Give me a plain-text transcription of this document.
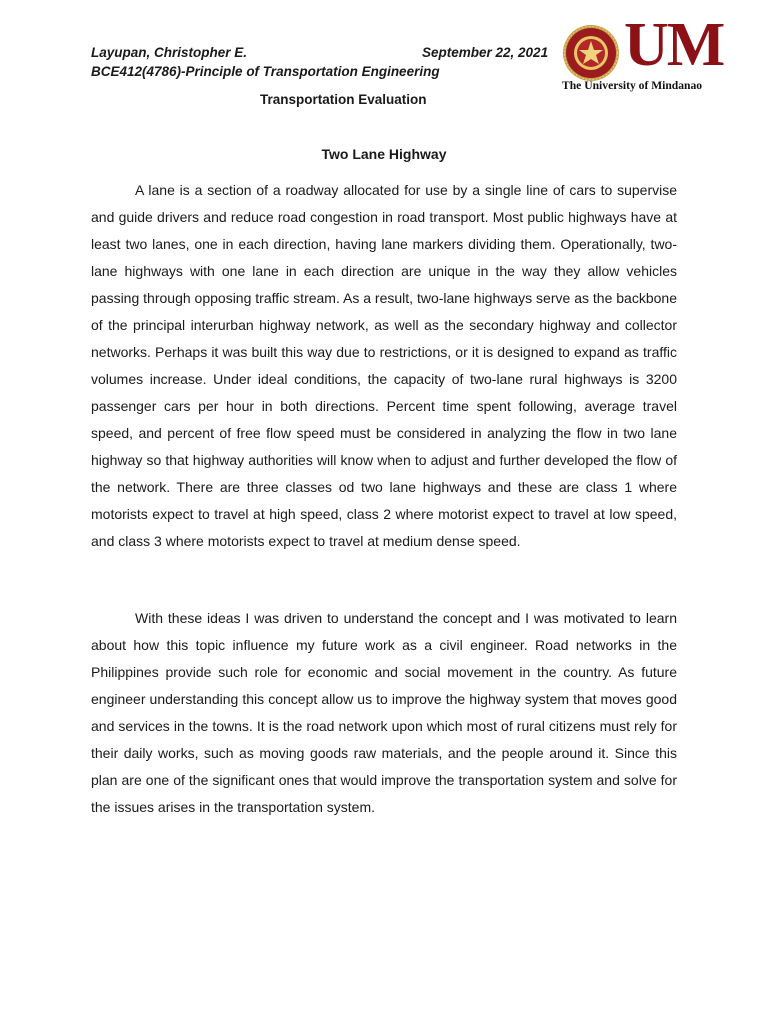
Layupan, Christopher E.	September 22, 2021
BCE412(4786)-Principle of Transportation Engineering
Transportation Evaluation
UM
The University of Mindanao
Two Lane Highway

A lane is a section of a roadway allocated for use by a single line of cars to supervise and guide drivers and reduce road congestion in road transport. Most public highways have at least two lanes, one in each direction, having lane markers dividing them. Operationally, two-lane highways with one lane in each direction are unique in the way they allow vehicles passing through opposing traffic stream. As a result, two-lane highways serve as the backbone of the principal interurban highway network, as well as the secondary highway and collector networks. Perhaps it was built this way due to restrictions, or it is designed to expand as traffic volumes increase. Under ideal conditions, the capacity of two-lane rural highways is 3200 passenger cars per hour in both directions. Percent time spent following, average travel speed, and percent of free flow speed must be considered in analyzing the flow in two lane highway so that highway authorities will know when to adjust and further developed the flow of the network. There are three classes od two lane highways and these are class 1 where motorists expect to travel at high speed, class 2 where motorist expect to travel at low speed, and class 3 where motorists expect to travel at medium dense speed.

With these ideas I was driven to understand the concept and I was motivated to learn about how this topic influence my future work as a civil engineer. Road networks in the Philippines provide such role for economic and social movement in the country. As future engineer understanding this concept allow us to improve the highway system that moves good and services in the towns. It is the road network upon which most of rural citizens must rely for their daily works, such as moving goods raw materials, and the people around it. Since this plan are one of the significant ones that would improve the transportation system and solve for the issues arises in the transportation system.
